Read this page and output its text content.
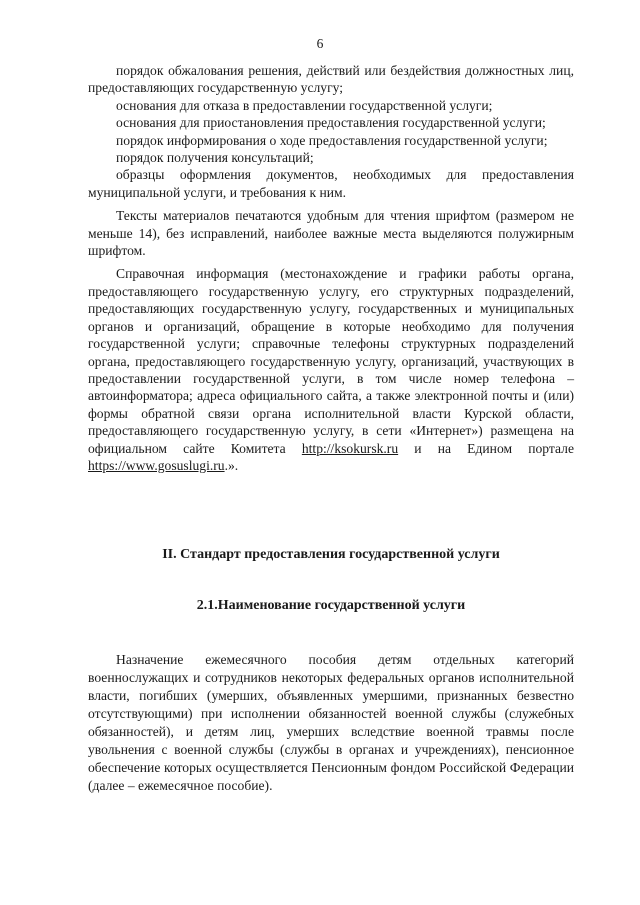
6

порядок обжалования решения, действий или бездействия должностных лиц, предоставляющих государственную услугу;

основания для отказа в предоставлении государственной услуги;

основания для приостановления предоставления государственной услуги;

порядок информирования о ходе предоставления государственной услуги;

порядок получения консультаций;

образцы оформления документов, необходимых для предоставления муниципальной услуги, и требования к ним.

Тексты материалов печатаются удобным для чтения шрифтом (размером не меньше 14), без исправлений, наиболее важные места выделяются полужирным шрифтом.

Справочная информация (местонахождение и графики работы органа, предоставляющего государственную услугу, его структурных подразделений, предоставляющих государственную услугу, государственных и муниципальных органов и организаций, обращение в которые необходимо для получения государственной услуги; справочные телефоны структурных подразделений органа, предоставляющего государственную услугу, организаций, участвующих в предоставлении государственной услуги, в том числе номер телефона – автоинформатора; адреса официального сайта, а также электронной почты и (или) формы обратной связи органа исполнительной власти Курской области, предоставляющего государственную услугу, в сети «Интернет») размещена на официальном сайте Комитета http://ksokursk.ru и на Едином портале https://www.gosuslugi.ru.».

II. Стандарт предоставления государственной услуги
2.1.Наименование государственной услуги

Назначение ежемесячного пособия детям отдельных категорий военнослужащих и сотрудников некоторых федеральных органов исполнительной власти, погибших (умерших, объявленных умершими, признанных безвестно отсутствующими) при исполнении обязанностей военной службы (служебных обязанностей), и детям лиц, умерших вследствие военной травмы после увольнения с военной службы (службы в органах и учреждениях), пенсионное обеспечение которых осуществляется Пенсионным фондом Российской Федерации (далее – ежемесячное пособие).
